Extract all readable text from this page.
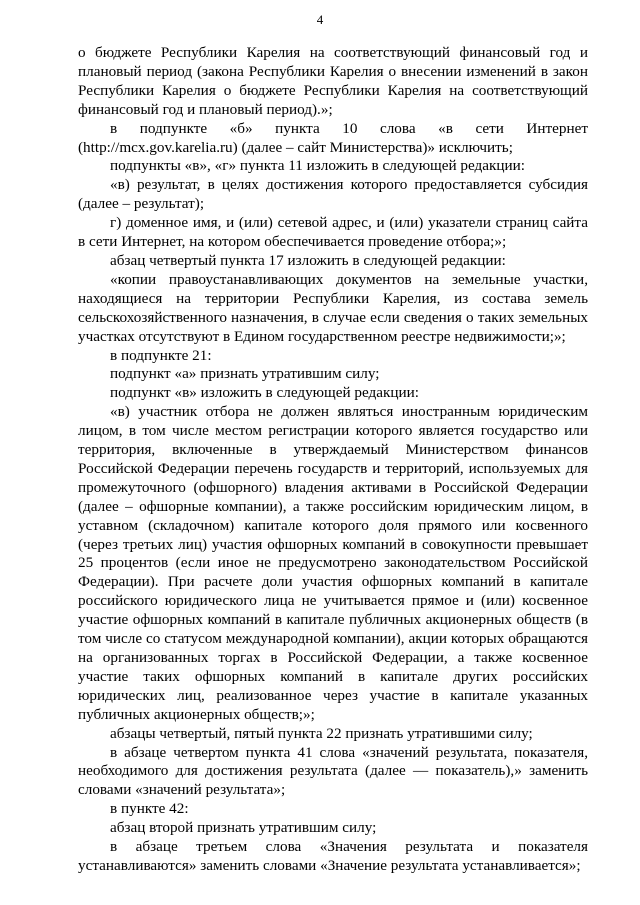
4

о бюджете Республики Карелия на соответствующий финансовый год и плановый период (закона Республики Карелия о внесении изменений в закон Республики Карелия о бюджете Республики Карелия на соответствующий финансовый год и плановый период).»;

в подпункте «б» пункта 10 слова «в сети Интернет (http://mcx.gov.karelia.ru) (далее – сайт Министерства)» исключить;

подпункты «в», «г» пункта 11 изложить в следующей редакции:

«в) результат, в целях достижения которого предоставляется субсидия (далее – результат);

г) доменное имя, и (или) сетевой адрес, и (или) указатели страниц сайта в сети Интернет, на котором обеспечивается проведение отбора;»;

абзац четвертый пункта 17 изложить в следующей редакции:

«копии правоустанавливающих документов на земельные участки, находящиеся на территории Республики Карелия, из состава земель сельскохозяйственного назначения, в случае если сведения о таких земельных участках отсутствуют в Едином государственном реестре недвижимости;»;

в подпункте 21:

подпункт «а» признать утратившим силу;

подпункт «в» изложить в следующей редакции:

«в) участник отбора не должен являться иностранным юридическим лицом, в том числе местом регистрации которого является государство или территория, включенные в утверждаемый Министерством финансов Российской Федерации перечень государств и территорий, используемых для промежуточного (офшорного) владения активами в Российской Федерации (далее – офшорные компании), а также российским юридическим лицом, в уставном (складочном) капитале которого доля прямого или косвенного (через третьих лиц) участия офшорных компаний в совокупности превышает 25 процентов (если иное не предусмотрено законодательством Российской Федерации). При расчете доли участия офшорных компаний в капитале российского юридического лица не учитывается прямое и (или) косвенное участие офшорных компаний в капитале публичных акционерных обществ (в том числе со статусом международной компании), акции которых обращаются на организованных торгах в Российской Федерации, а также косвенное участие таких офшорных компаний в капитале других российских юридических лиц, реализованное через участие в капитале указанных публичных акционерных обществ;»;

абзацы четвертый, пятый пункта 22 признать утратившими силу;

в абзаце четвертом пункта 41 слова «значений результата, показателя, необходимого для достижения результата (далее — показатель),» заменить словами «значений результата»;

в пункте 42:

абзац второй признать утратившим силу;

в абзаце третьем слова «Значения результата и показателя устанавливаются» заменить словами «Значение результата устанавливается»;
